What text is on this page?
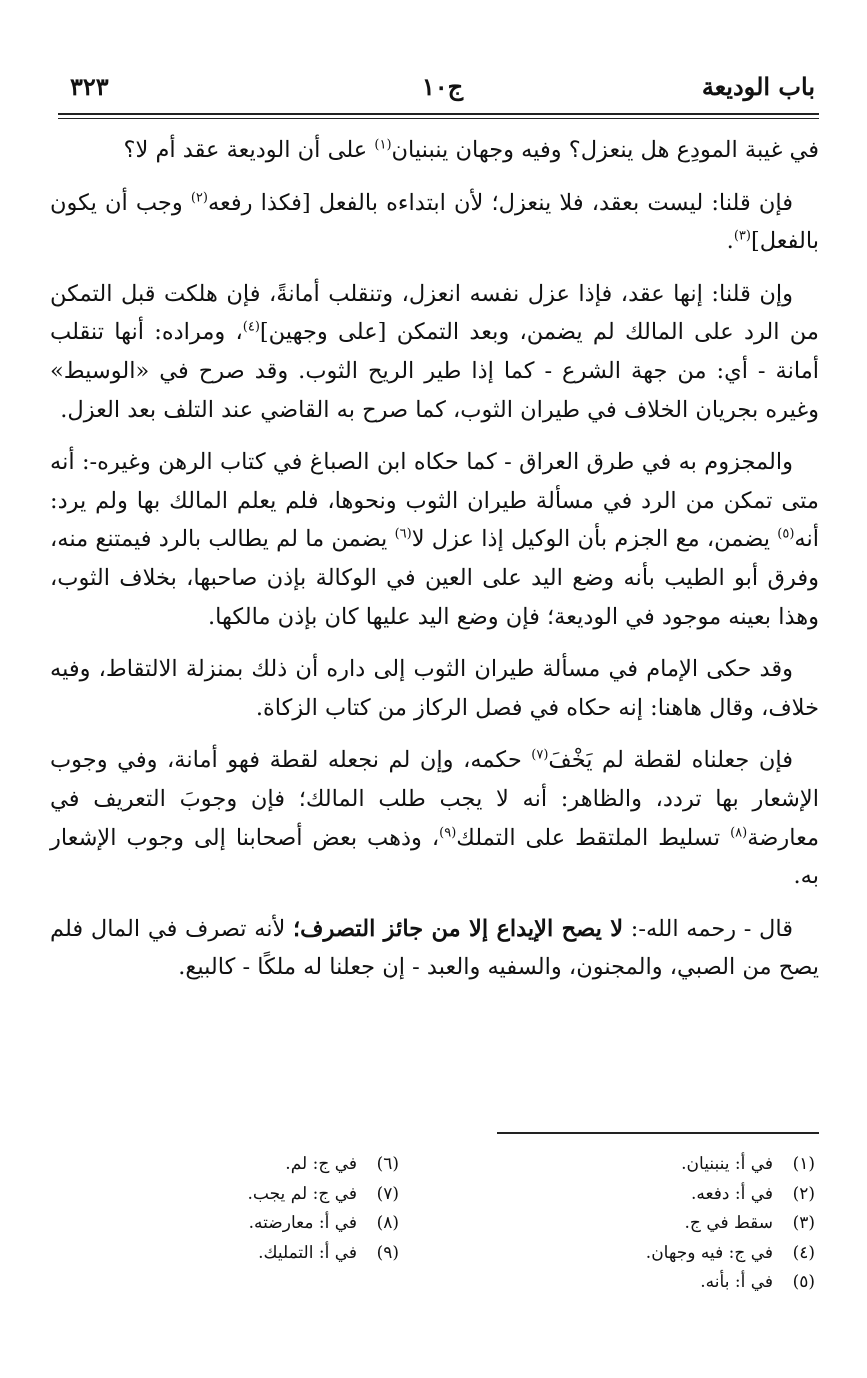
باب الوديعة
ج١٠
٣٢٣

في غيبة المودِع هل ينعزل؟ وفيه وجهان ينبنيان$^{(١)}$ على أن الوديعة عقد أم لا؟

فإن قلنا: ليست بعقد، فلا ينعزل؛ لأن ابتداءه بالفعل [فكذا رفعه$^{(٢)}$ وجب أن يكون بالفعل]$^{(٣)}$.

وإن قلنا: إنها عقد، فإذا عزل نفسه انعزل، وتنقلب أمانةً، فإن هلكت قبل التمكن من الرد على المالك لم يضمن، وبعد التمكن [على وجهين]$^{(٤)}$، ومراده: أنها تنقلب أمانة - أي: من جهة الشرع - كما إذا طير الريح الثوب. وقد صرح في «الوسيط» وغيره بجريان الخلاف في طيران الثوب، كما صرح به القاضي عند التلف بعد العزل.

والمجزوم به في طرق العراق - كما حكاه ابن الصباغ في كتاب الرهن وغيره-: أنه متى تمكن من الرد في مسألة طيران الثوب ونحوها، فلم يعلم المالك بها ولم يرد: أنه$^{(٥)}$ يضمن، مع الجزم بأن الوكيل إذا عزل لا$^{(٦)}$ يضمن ما لم يطالب بالرد فيمتنع منه، وفرق أبو الطيب بأنه وضع اليد على العين في الوكالة بإذن صاحبها، بخلاف الثوب، وهذا بعينه موجود في الوديعة؛ فإن وضع اليد عليها كان بإذن مالكها.

وقد حكى الإمام في مسألة طيران الثوب إلى داره أن ذلك بمنزلة الالتقاط، وفيه خلاف، وقال هاهنا: إنه حكاه في فصل الركاز من كتاب الزكاة.

فإن جعلناه لقطة لم يَخْفَ$^{(٧)}$ حكمه، وإن لم نجعله لقطة فهو أمانة، وفي وجوب الإشعار بها تردد، والظاهر: أنه لا يجب طلب المالك؛ فإن وجوبَ التعريف في معارضة$^{(٨)}$ تسليط الملتقط على التملك$^{(٩)}$، وذهب بعض أصحابنا إلى وجوب الإشعار به.

قال - رحمه الله-: لا يصح الإيداع إلا من جائز التصرف؛ لأنه تصرف في المال فلم يصح من الصبي، والمجنون، والسفيه والعبد - إن جعلنا له ملكًا - كالبيع.

(١)في أ: ينبنيان.
(٢)في أ: دفعه.
(٣)سقط في ج.
(٤)في ج: فيه وجهان.
(٥)في أ: بأنه.
(٦)في ج: لم.
(٧)في ج: لم يجب.
(٨)في أ: معارضته.
(٩)في أ: التمليك.
